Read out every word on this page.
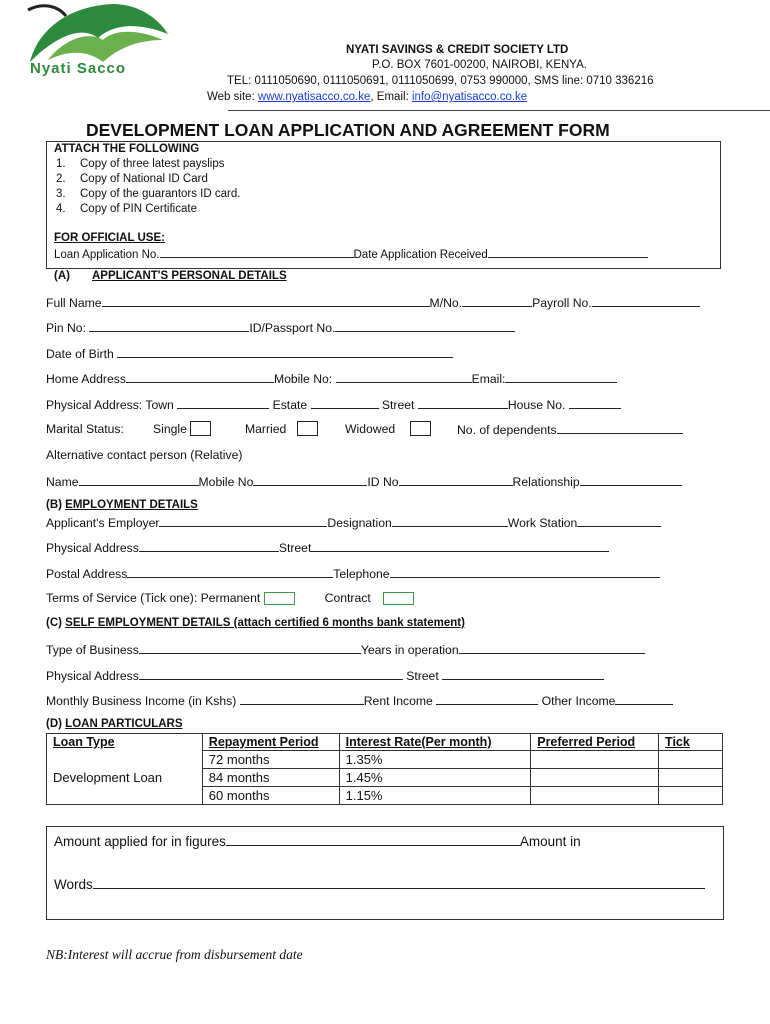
Nyati Sacco
NYATI SAVINGS & CREDIT SOCIETY LTD
P.O. BOX 7601-00200, NAIROBI, KENYA.
TEL: 0111050690, 0111050691, 0111050699, 0753 990000, SMS line: 0710 336216
Web site: www.nyatisacco.co.ke, Email: info@nyatisacco.co.ke
DEVELOPMENT LOAN APPLICATION AND AGREEMENT FORM
ATTACH THE FOLLOWING
1. Copy of three latest payslips
2. Copy of National ID Card
3. Copy of the guarantors ID card.
4. Copy of PIN Certificate
FOR OFFICIAL USE:
Loan Application No.	Date Application Received
(A) APPLICANT'S PERSONAL DETAILS
Full Name	M/No.	Payroll No.
Pin No:	ID/Passport No.
Date of Birth
Home Address	Mobile No:	Email:
Physical Address: Town	Estate	Street	House No.
Marital Status: Single	Married	Widowed	No. of dependents
Alternative contact person (Relative)
Name	Mobile No	ID No	Relationship
(B) EMPLOYMENT DETAILS
Applicant's Employer	Designation	Work Station
Physical Address	Street
Postal Address	Telephone
Terms of Service (Tick one): Permanent	Contract
(C) SELF EMPLOYMENT DETAILS (attach certified 6 months bank statement)
Type of Business	Years in operation
Physical Address	Street
Monthly Business Income (in Kshs)	Rent Income	Other Income
(D) LOAN PARTICULARS
Loan Type	Repayment Period	Interest Rate(Per month)	Preferred Period	Tick
Development Loan	72 months	1.35%		
	84 months	1.45%		
	60 months	1.15%		
Amount applied for in figures	Amount in
Words
NB:Interest will accrue from disbursement date
